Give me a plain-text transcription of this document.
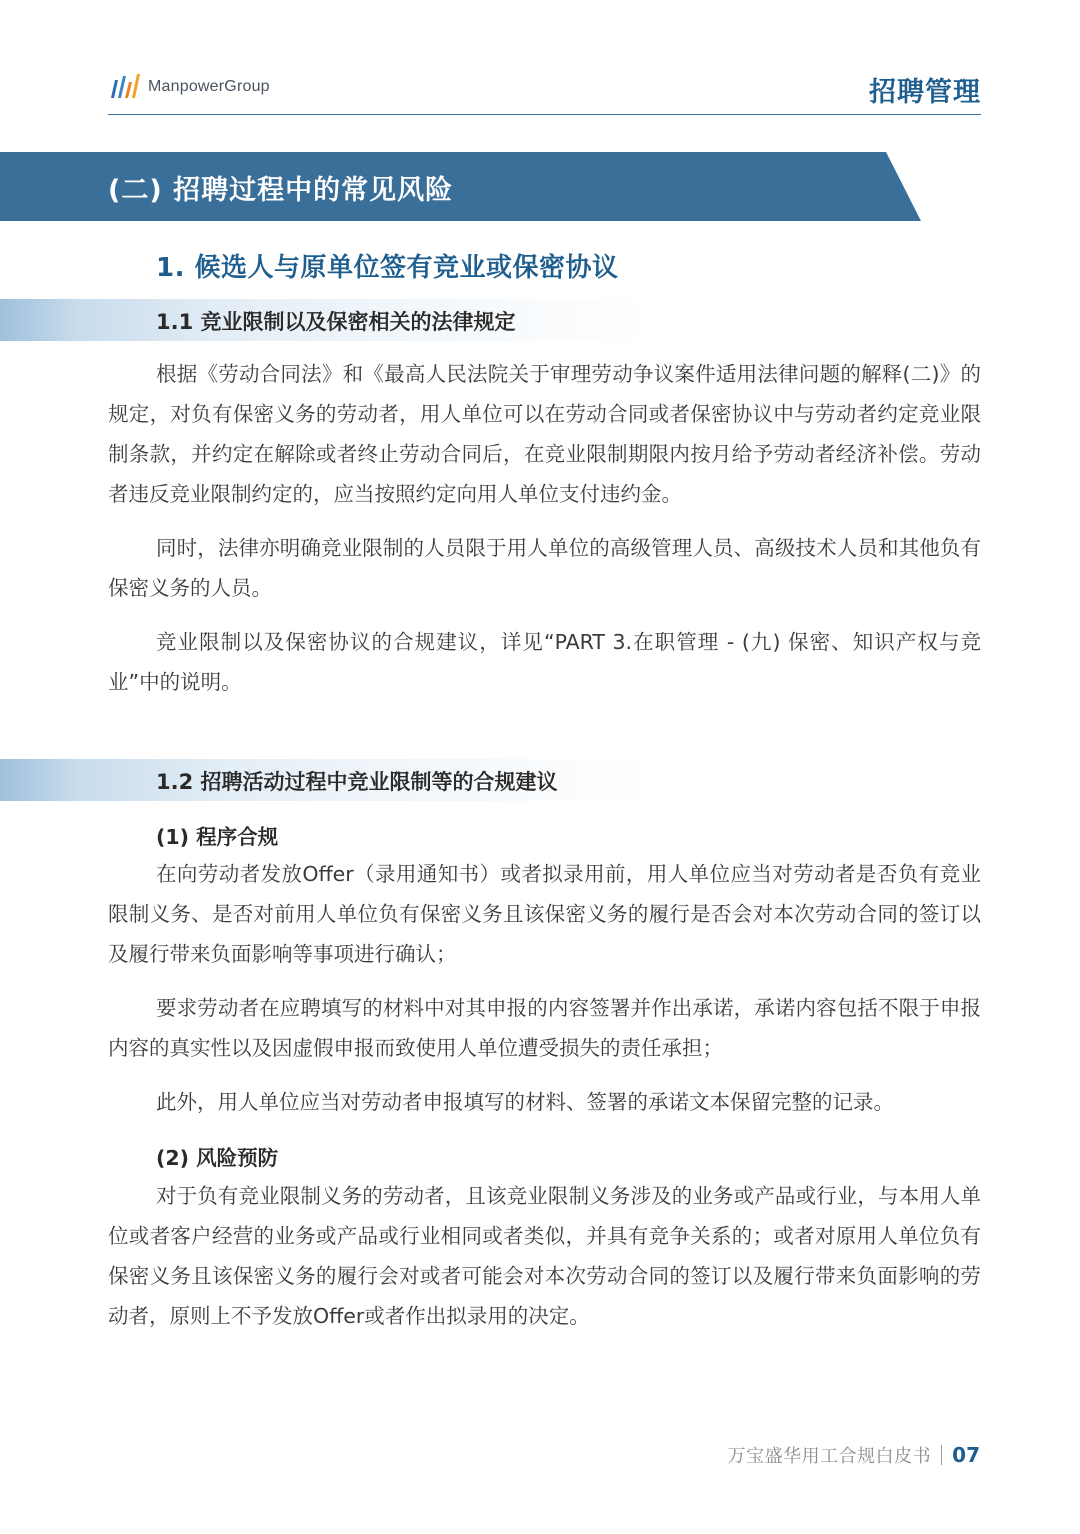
ManpowerGroup	招聘管理
(二) 招聘过程中的常见风险
1. 候选人与原单位签有竞业或保密协议
1.1 竞业限制以及保密相关的法律规定

根据《劳动合同法》和《最高人民法院关于审理劳动争议案件适用法律问题的解释(二)》的规定，对负有保密义务的劳动者，用人单位可以在劳动合同或者保密协议中与劳动者约定竞业限制条款，并约定在解除或者终止劳动合同后，在竞业限制期限内按月给予劳动者经济补偿。劳动者违反竞业限制约定的，应当按照约定向用人单位支付违约金。

同时，法律亦明确竞业限制的人员限于用人单位的高级管理人员、高级技术人员和其他负有保密义务的人员。

竞业限制以及保密协议的合规建议，详见“PART 3.在职管理 - (九) 保密、知识产权与竞业”中的说明。

1.2 招聘活动过程中竞业限制等的合规建议
(1) 程序合规

在向劳动者发放Offer（录用通知书）或者拟录用前，用人单位应当对劳动者是否负有竞业限制义务、是否对前用人单位负有保密义务且该保密义务的履行是否会对本次劳动合同的签订以及履行带来负面影响等事项进行确认；

要求劳动者在应聘填写的材料中对其申报的内容签署并作出承诺，承诺内容包括不限于申报内容的真实性以及因虚假申报而致使用人单位遭受损失的责任承担；

此外，用人单位应当对劳动者申报填写的材料、签署的承诺文本保留完整的记录。

(2) 风险预防

对于负有竞业限制义务的劳动者，且该竞业限制义务涉及的业务或产品或行业，与本用人单位或者客户经营的业务或产品或行业相同或者类似，并具有竞争关系的；或者对原用人单位负有保密义务且该保密义务的履行会对或者可能会对本次劳动合同的签订以及履行带来负面影响的劳动者，原则上不予发放Offer或者作出拟录用的决定。

万宝盛华用工合规白皮书 07
